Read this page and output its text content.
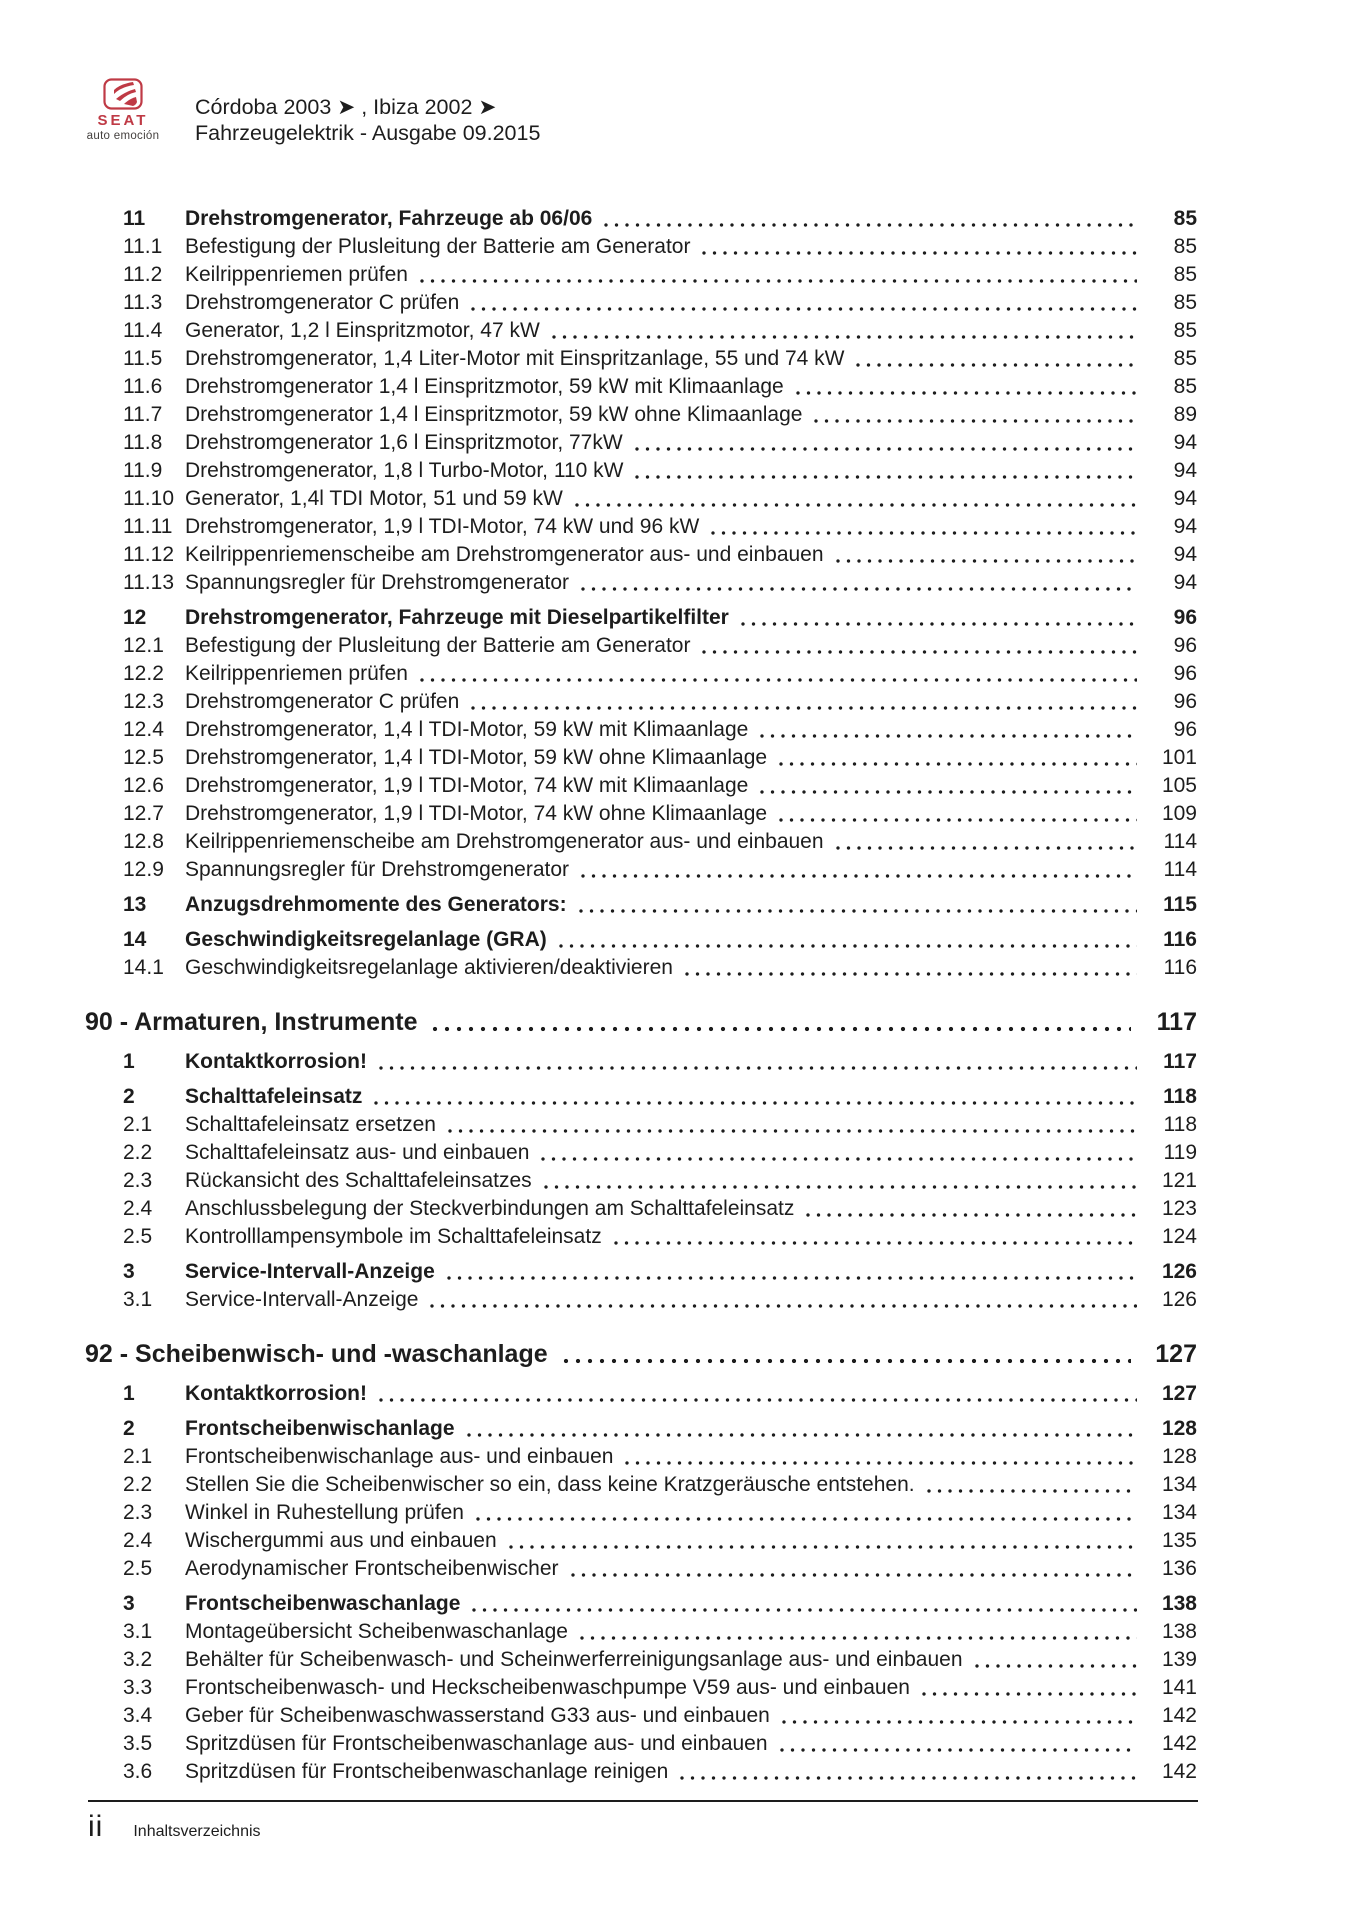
SEAT
auto emoción
Córdoba 2003 ➤ , Ibiza 2002 ➤
Fahrzeugelektrik - Ausgabe 09.2015
11	Drehstromgenerator, Fahrzeuge ab 06/06	85
11.1	Befestigung der Plusleitung der Batterie am Generator	85
11.2	Keilrippenriemen prüfen	85
11.3	Drehstromgenerator C prüfen	85
11.4	Generator, 1,2 l Einspritzmotor, 47 kW	85
11.5	Drehstromgenerator, 1,4 Liter-Motor mit Einspritzanlage, 55 und 74 kW	85
11.6	Drehstromgenerator 1,4 l Einspritzmotor, 59 kW mit Klimaanlage	85
11.7	Drehstromgenerator 1,4 l Einspritzmotor, 59 kW ohne Klimaanlage	89
11.8	Drehstromgenerator 1,6 l Einspritzmotor, 77kW	94
11.9	Drehstromgenerator, 1,8 l Turbo-Motor, 110 kW	94
11.10 Generator, 1,4l TDI Motor, 51 und 59 kW	94
11.11 Drehstromgenerator, 1,9 l TDI-Motor, 74 kW und 96 kW	94
11.12 Keilrippenriemenscheibe am Drehstromgenerator aus- und einbauen	94
11.13 Spannungsregler für Drehstromgenerator	94
12	Drehstromgenerator, Fahrzeuge mit Dieselpartikelfilter	96
12.1	Befestigung der Plusleitung der Batterie am Generator	96
12.2	Keilrippenriemen prüfen	96
12.3	Drehstromgenerator C prüfen	96
12.4	Drehstromgenerator, 1,4 l TDI-Motor, 59 kW mit Klimaanlage	96
12.5	Drehstromgenerator, 1,4 l TDI-Motor, 59 kW ohne Klimaanlage	101
12.6	Drehstromgenerator, 1,9 l TDI-Motor, 74 kW mit Klimaanlage	105
12.7	Drehstromgenerator, 1,9 l TDI-Motor, 74 kW ohne Klimaanlage	109
12.8	Keilrippenriemenscheibe am Drehstromgenerator aus- und einbauen	114
12.9	Spannungsregler für Drehstromgenerator	114
13	Anzugsdrehmomente des Generators:	115
14	Geschwindigkeitsregelanlage (GRA)	116
14.1	Geschwindigkeitsregelanlage aktivieren/deaktivieren	116
90 - Armaturen, Instrumente	117
1	Kontaktkorrosion!	117
2	Schalttafeleinsatz	118
2.1	Schalttafeleinsatz ersetzen	118
2.2	Schalttafeleinsatz aus- und einbauen	119
2.3	Rückansicht des Schalttafeleinsatzes	121
2.4	Anschlussbelegung der Steckverbindungen am Schalttafeleinsatz	123
2.5	Kontrolllampensymbole im Schalttafeleinsatz	124
3	Service-Intervall-Anzeige	126
3.1	Service-Intervall-Anzeige	126
92 - Scheibenwisch- und -waschanlage	127
1	Kontaktkorrosion!	127
2	Frontscheibenwischanlage	128
2.1	Frontscheibenwischanlage aus- und einbauen	128
2.2	Stellen Sie die Scheibenwischer so ein, dass keine Kratzgeräusche entstehen.	134
2.3	Winkel in Ruhestellung prüfen	134
2.4	Wischergummi aus und einbauen	135
2.5	Aerodynamischer Frontscheibenwischer	136
3	Frontscheibenwaschanlage	138
3.1	Montageübersicht Scheibenwaschanlage	138
3.2	Behälter für Scheibenwasch- und Scheinwerferreinigungsanlage aus- und einbauen	139
3.3	Frontscheibenwasch- und Heckscheibenwaschpumpe V59 aus- und einbauen	141
3.4	Geber für Scheibenwaschwasserstand G33 aus- und einbauen	142
3.5	Spritzdüsen für Frontscheibenwaschanlage aus- und einbauen	142
3.6	Spritzdüsen für Frontscheibenwaschanlage reinigen	142
ii Inhaltsverzeichnis
